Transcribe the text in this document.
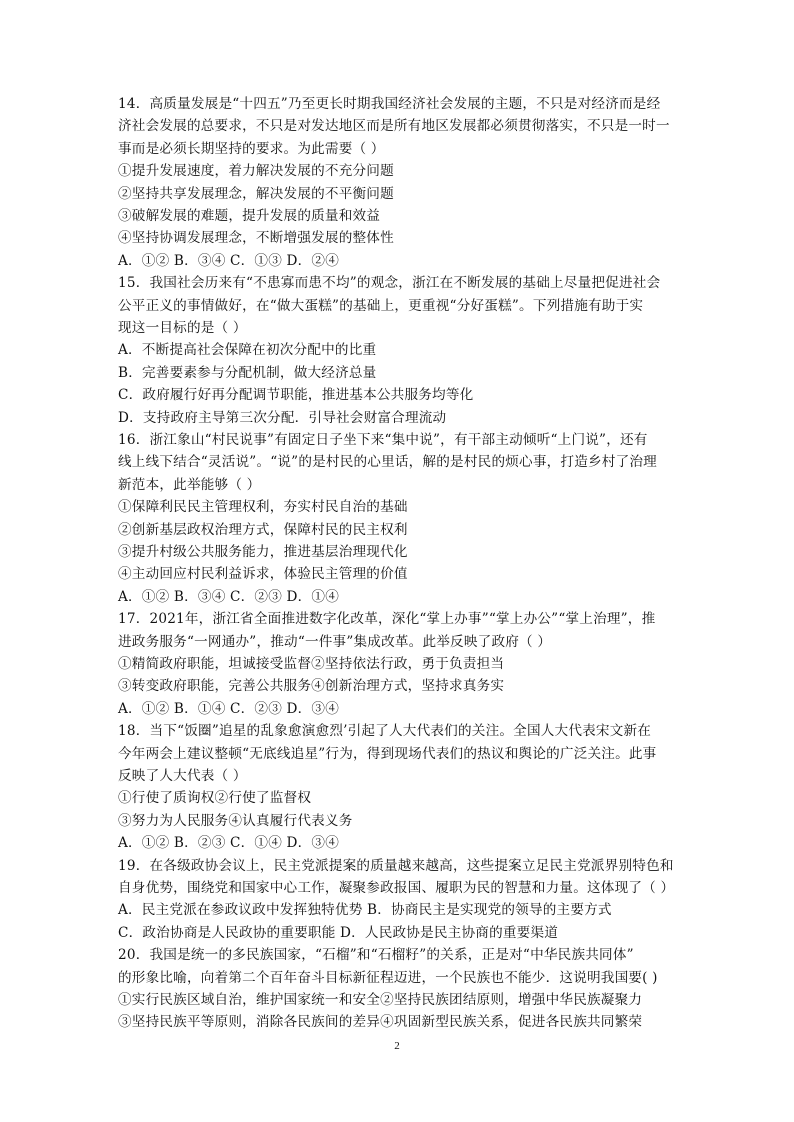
14．高质量发展是“十四五”乃至更长时期我国经济社会发展的主题，不只是对经济而是经
济社会发展的总要求，不只是对发达地区而是所有地区发展都必须贯彻落实，不只是一时一
事而是必须长期坚持的要求。为此需要（ ）
①提升发展速度，着力解决发展的不充分问题
②坚持共享发展理念，解决发展的不平衡问题
③破解发展的难题，提升发展的质量和效益
④坚持协调发展理念，不断增强发展的整体性
A．①② B．③④ C．①③ D．②④
15．我国社会历来有“不患寡而患不均”的观念，浙江在不断发展的基础上尽量把促进社会
公平正义的事情做好，在“做大蛋糕”的基础上，更重视“分好蛋糕”。下列措施有助于实
现这一目标的是（ ）
A．不断提高社会保障在初次分配中的比重
B．完善要素参与分配机制，做大经济总量
C．政府履行好再分配调节职能，推进基本公共服务均等化
D．支持政府主导第三次分配．引导社会财富合理流动
16．浙江象山“村民说事”有固定日子坐下来“集中说”，有干部主动倾听“上门说”，还有
线上线下结合“灵活说”。“说”的是村民的心里话，解的是村民的烦心事，打造乡村了治理
新范本，此举能够（ ）
①保障利民民主管理权利，夯实村民自治的基础
②创新基层政权治理方式，保障村民的民主权利
③提升村级公共服务能力，推进基层治理现代化
④主动回应村民利益诉求，体验民主管理的价值
A．①② B．③④ C．②③ D．①④
17．2021年，浙江省全面推进数字化改革，深化“掌上办事”“掌上办公”“掌上治理”，推
进政务服务“一网通办”，推动“一件事”集成改革。此举反映了政府（ ）
①精简政府职能，坦诚接受监督②坚持依法行政，勇于负责担当
③转变政府职能，完善公共服务④创新治理方式，坚持求真务实
A．①② B．①④ C．②③ D．③④
18．当下“饭圈”追星的乱象愈演愈烈’引起了人大代表们的关注。全国人大代表宋文新在
今年两会上建议整顿“无底线追星”行为，得到现场代表们的热议和舆论的广泛关注。此事
反映了人大代表（ ）
①行使了质询权②行使了监督权
③努力为人民服务④认真履行代表义务
A．①② B．②③ C．①④ D．③④
19．在各级政协会议上，民主党派提案的质量越来越高，这些提案立足民主党派界别特色和
自身优势，围绕党和国家中心工作，凝聚参政报国、履职为民的智慧和力量。这体现了（ ）
A．民主党派在参政议政中发挥独特优势 B．协商民主是实现党的领导的主要方式
C．政治协商是人民政协的重要职能 D．人民政协是民主协商的重要渠道
20．我国是统一的多民族国家，“石榴”和“石榴籽”的关系，正是对“中华民族共同体”
的形象比喻，向着第二个百年奋斗目标新征程迈进，一个民族也不能少．这说明我国要( )
①实行民族区域自治，维护国家统一和安全②坚持民族团结原则，增强中华民族凝聚力
③坚持民族平等原则，消除各民族间的差异④巩固新型民族关系，促进各民族共同繁荣
2
